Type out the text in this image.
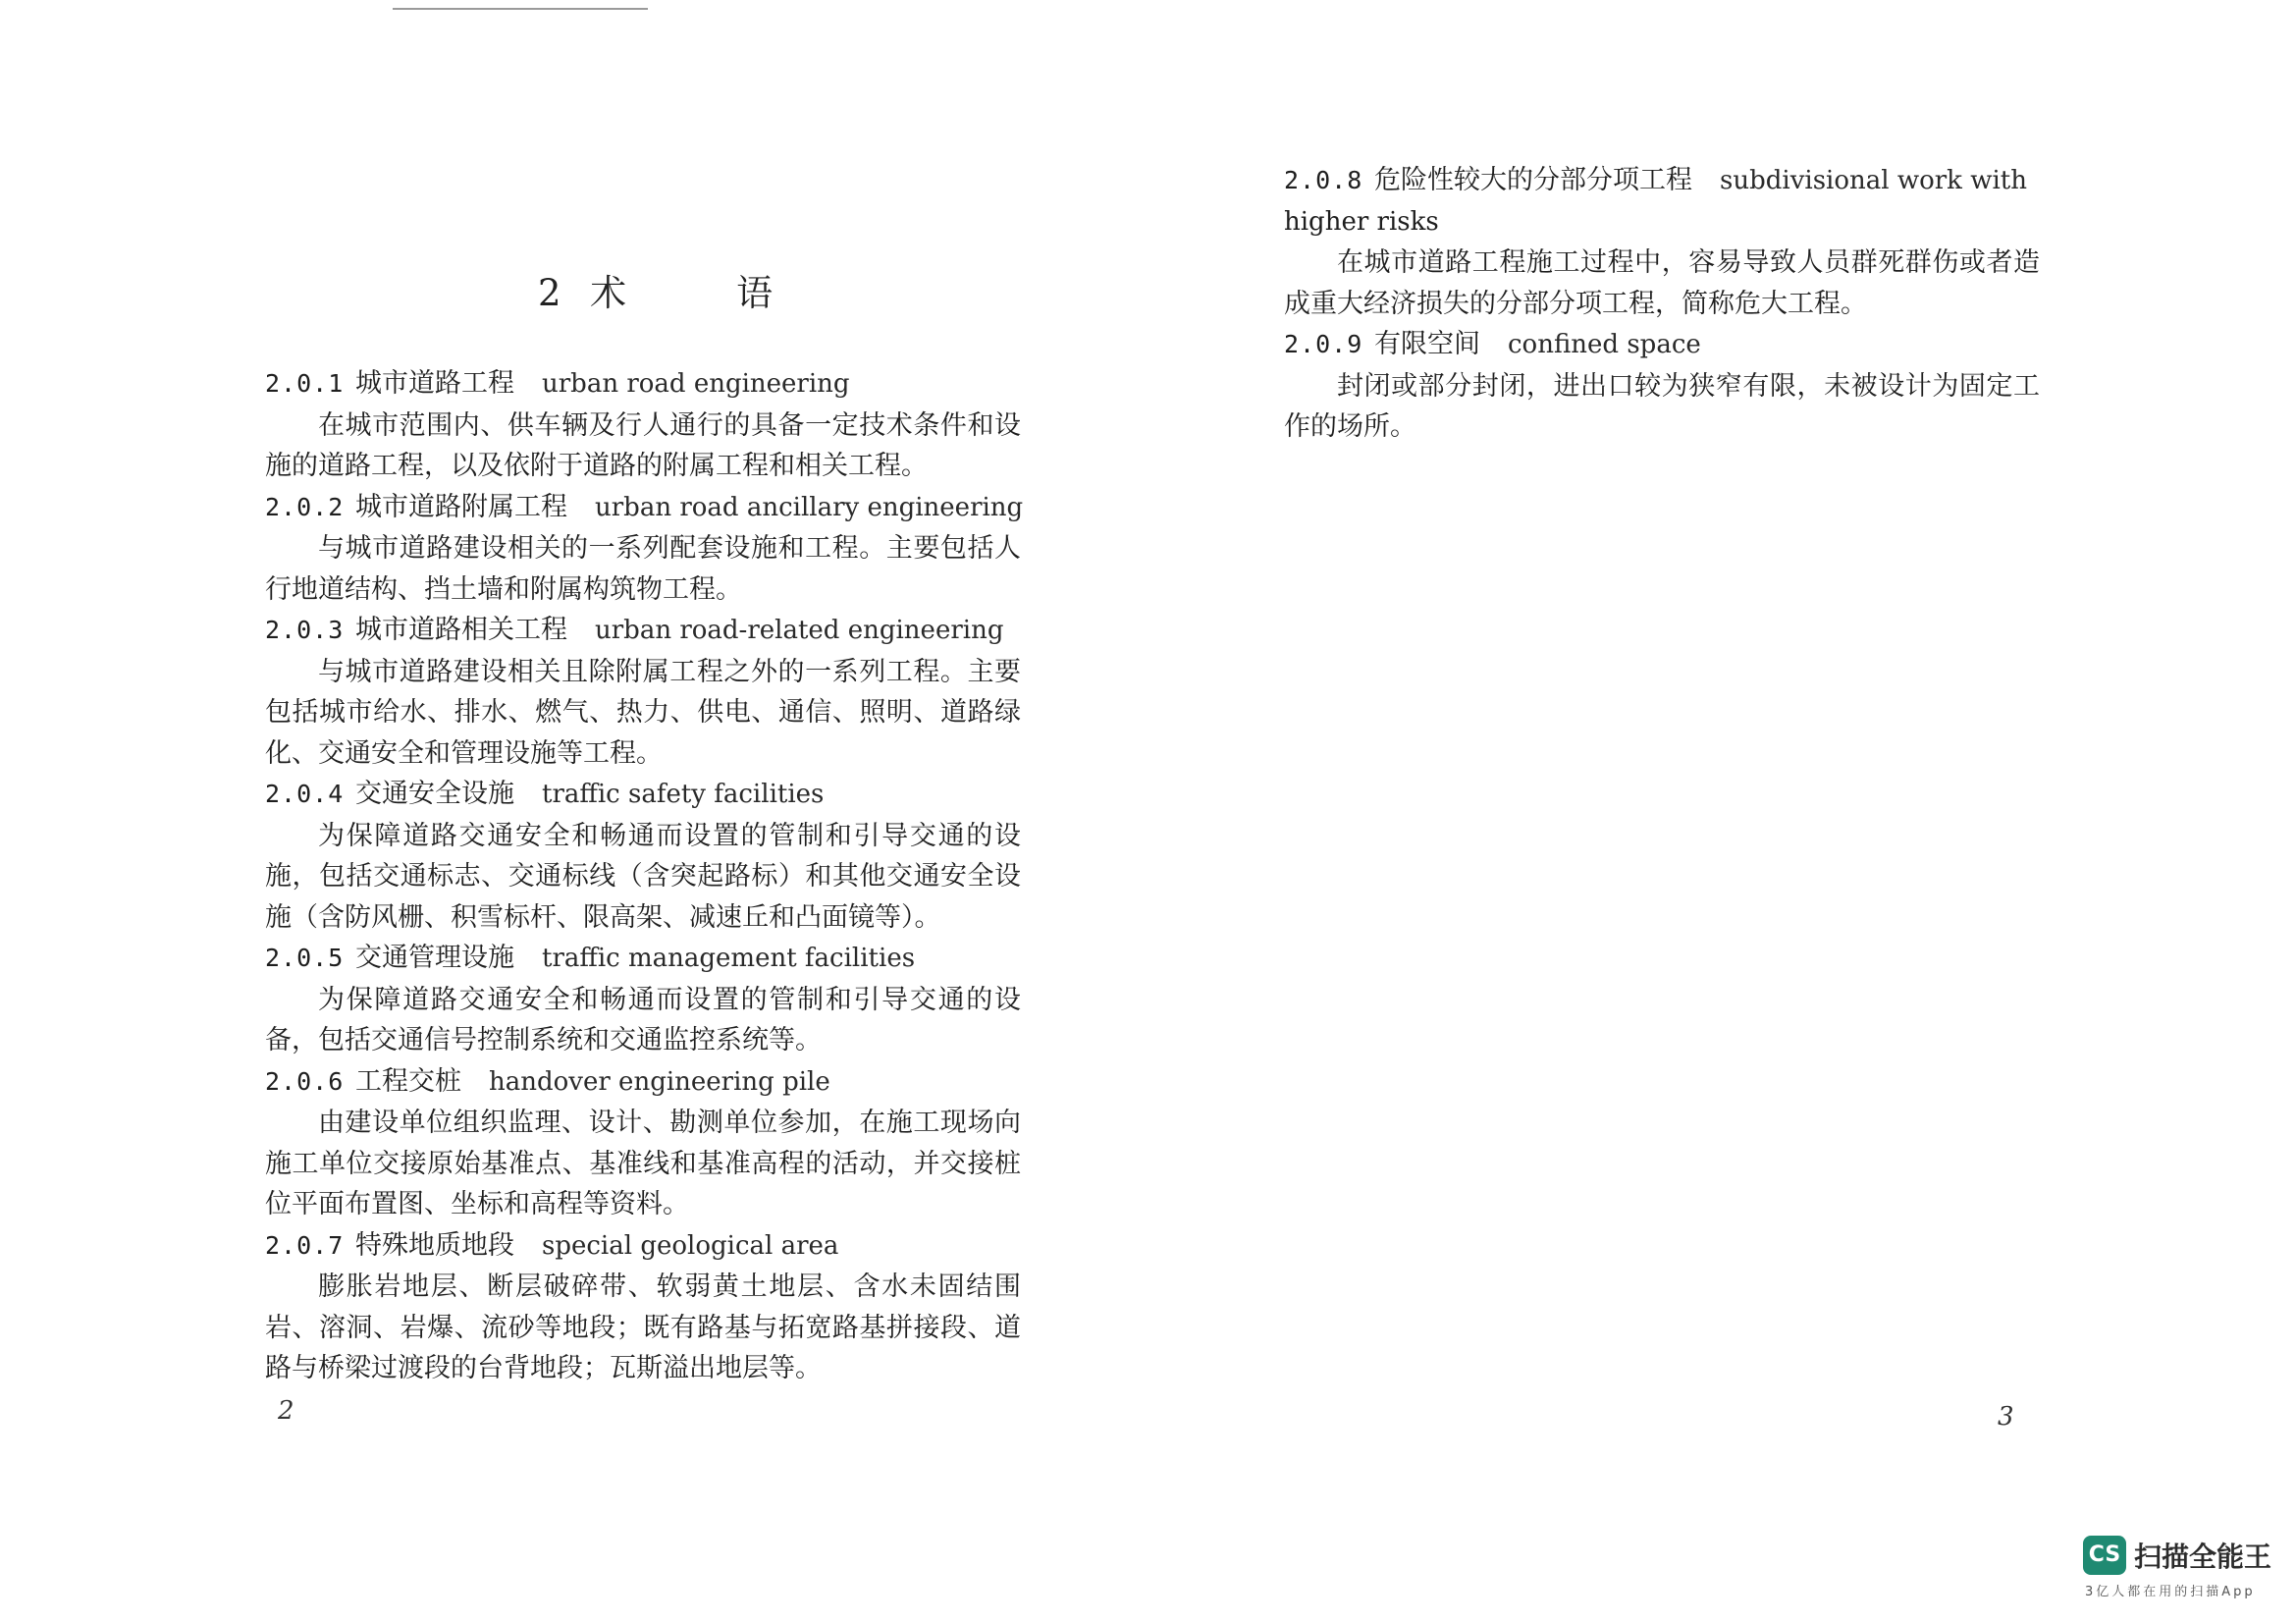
2  术        语
2.0.1 城市道路工程 urban road engineering
在城市范围内、供车辆及行人通行的具备一定技术条件和设
施的道路工程，以及依附于道路的附属工程和相关工程。
2.0.2 城市道路附属工程 urban road ancillary engineering
与城市道路建设相关的一系列配套设施和工程。主要包括人
行地道结构、挡土墙和附属构筑物工程。
2.0.3 城市道路相关工程 urban road-related engineering
与城市道路建设相关且除附属工程之外的一系列工程。主要
包括城市给水、排水、燃气、热力、供电、通信、照明、道路绿
化、交通安全和管理设施等工程。
2.0.4 交通安全设施 traffic safety facilities
为保障道路交通安全和畅通而设置的管制和引导交通的设
施，包括交通标志、交通标线（含突起路标）和其他交通安全设
施（含防风栅、积雪标杆、限高架、减速丘和凸面镜等）。
2.0.5 交通管理设施 traffic management facilities
为保障道路交通安全和畅通而设置的管制和引导交通的设
备，包括交通信号控制系统和交通监控系统等。
2.0.6 工程交桩 handover engineering pile
由建设单位组织监理、设计、勘测单位参加，在施工现场向
施工单位交接原始基准点、基准线和基准高程的活动，并交接桩
位平面布置图、坐标和高程等资料。
2.0.7 特殊地质地段 special geological area
膨胀岩地层、断层破碎带、软弱黄土地层、含水未固结围
岩、溶洞、岩爆、流砂等地段；既有路基与拓宽路基拼接段、道
路与桥梁过渡段的台背地段；瓦斯溢出地层等。
2.0.8 危险性较大的分部分项工程 subdivisional work with
higher risks
在城市道路工程施工过程中，容易导致人员群死群伤或者造
成重大经济损失的分部分项工程，简称危大工程。
2.0.9 有限空间 confined space
封闭或部分封闭，进出口较为狭窄有限，未被设计为固定工
作的场所。
2	3
CS 扫描全能王
3亿人都在用的扫描App
